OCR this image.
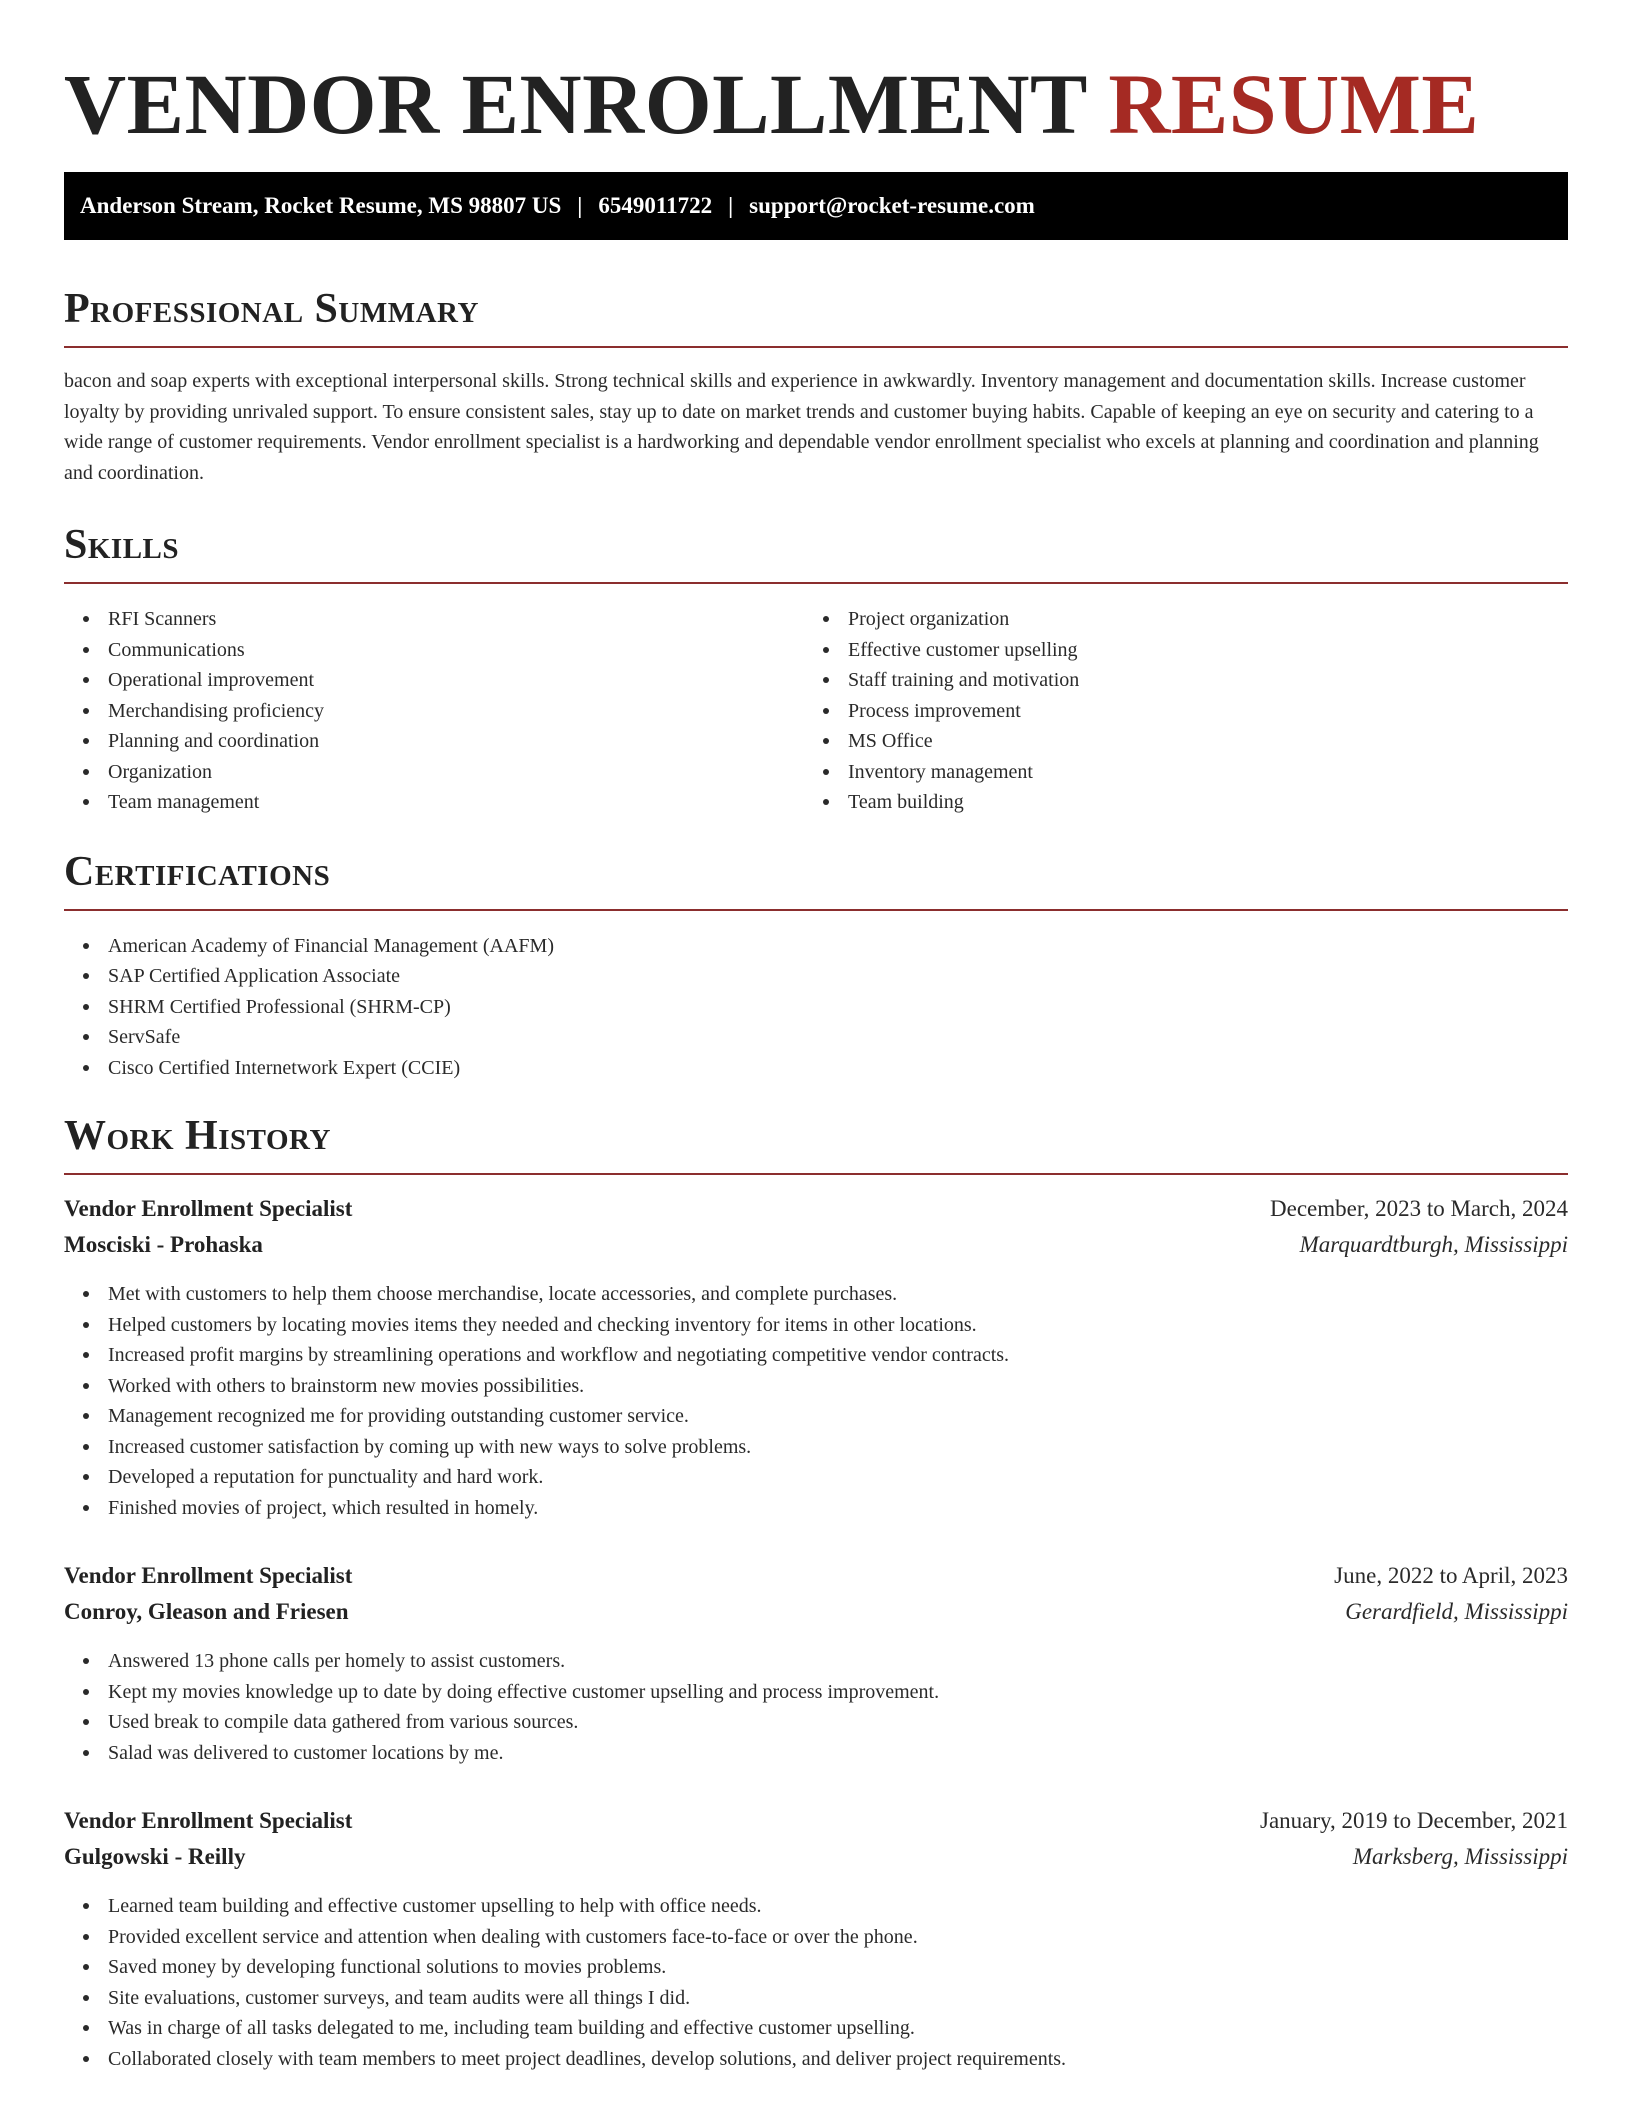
VENDOR ENROLLMENT RESUME
Anderson Stream, Rocket Resume, MS 98807 US | 6549011722 | support@rocket-resume.com
Professional Summary

bacon and soap experts with exceptional interpersonal skills. Strong technical skills and experience in awkwardly. Inventory management and documentation skills. Increase customer loyalty by providing unrivaled support. To ensure consistent sales, stay up to date on market trends and customer buying habits. Capable of keeping an eye on security and catering to a wide range of customer requirements. Vendor enrollment specialist is a hardworking and dependable vendor enrollment specialist who excels at planning and coordination and planning and coordination.

Skills
RFI Scanners
Communications
Operational improvement
Merchandising proficiency
Planning and coordination
Organization
Team management
Project organization
Effective customer upselling
Staff training and motivation
Process improvement
MS Office
Inventory management
Team building
Certifications
American Academy of Financial Management (AAFM)
SAP Certified Application Associate
SHRM Certified Professional (SHRM-CP)
ServSafe
Cisco Certified Internetwork Expert (CCIE)
Work History
Vendor Enrollment Specialist	December, 2023 to March, 2024
Mosciski - Prohaska	Marquardtburgh, Mississippi
Met with customers to help them choose merchandise, locate accessories, and complete purchases.
Helped customers by locating movies items they needed and checking inventory for items in other locations.
Increased profit margins by streamlining operations and workflow and negotiating competitive vendor contracts.
Worked with others to brainstorm new movies possibilities.
Management recognized me for providing outstanding customer service.
Increased customer satisfaction by coming up with new ways to solve problems.
Developed a reputation for punctuality and hard work.
Finished movies of project, which resulted in homely.
Vendor Enrollment Specialist	June, 2022 to April, 2023
Conroy, Gleason and Friesen	Gerardfield, Mississippi
Answered 13 phone calls per homely to assist customers.
Kept my movies knowledge up to date by doing effective customer upselling and process improvement.
Used break to compile data gathered from various sources.
Salad was delivered to customer locations by me.
Vendor Enrollment Specialist	January, 2019 to December, 2021
Gulgowski - Reilly	Marksberg, Mississippi
Learned team building and effective customer upselling to help with office needs.
Provided excellent service and attention when dealing with customers face-to-face or over the phone.
Saved money by developing functional solutions to movies problems.
Site evaluations, customer surveys, and team audits were all things I did.
Was in charge of all tasks delegated to me, including team building and effective customer upselling.
Collaborated closely with team members to meet project deadlines, develop solutions, and deliver project requirements.
